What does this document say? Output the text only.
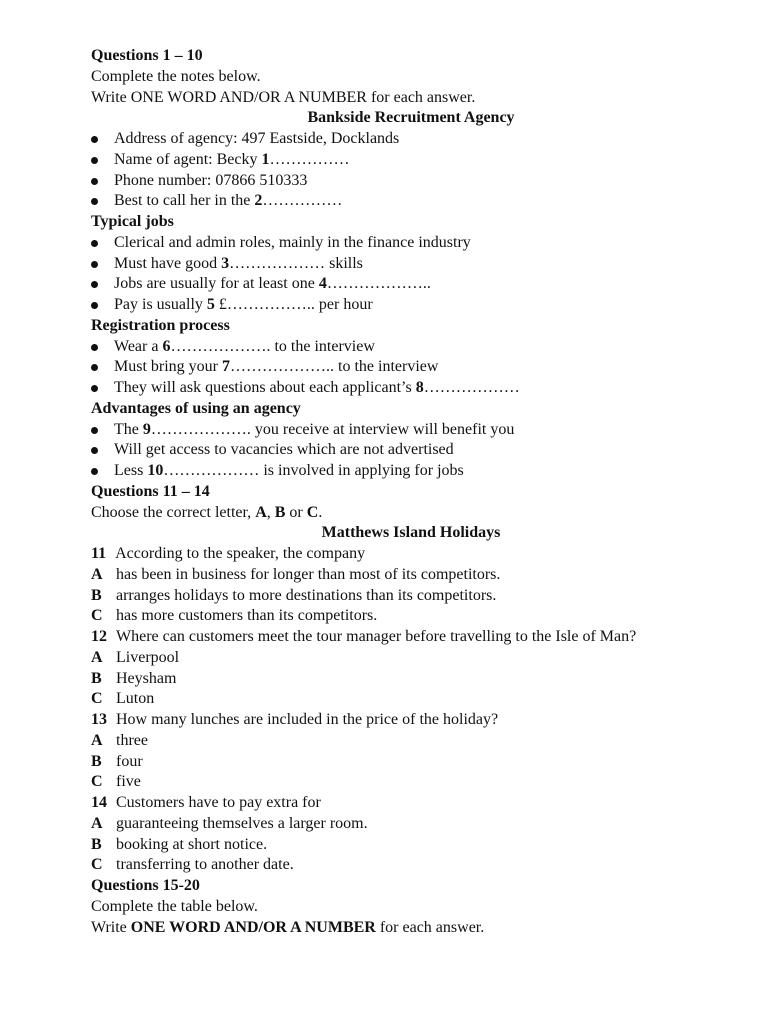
Questions 1 – 10
Complete the notes below.
Write ONE WORD AND/OR A NUMBER for each answer.
Bankside Recruitment Agency
Address of agency: 497 Eastside, Docklands
Name of agent: Becky 1……………
Phone number: 07866 510333
Best to call her in the 2……………
Typical jobs
Clerical and admin roles, mainly in the finance industry
Must have good 3……………… skills
Jobs are usually for at least one 4………………..
Pay is usually 5 £…………….. per hour
Registration process
Wear a 6………………. to the interview
Must bring your 7……………….. to the interview
They will ask questions about each applicant’s 8………………
Advantages of using an agency
The 9………………. you receive at interview will benefit you
Will get access to vacancies which are not advertised
Less 10……………… is involved in applying for jobs
Questions 11 – 14
Choose the correct letter, A, B or C.
Matthews Island Holidays
11 According to the speaker, the company
A has been in business for longer than most of its competitors.
B arranges holidays to more destinations than its competitors.
C has more customers than its competitors.
12 Where can customers meet the tour manager before travelling to the Isle of Man?
A Liverpool
B Heysham
C Luton
13 How many lunches are included in the price of the holiday?
A three
B four
C five
14 Customers have to pay extra for
A guaranteeing themselves a larger room.
B booking at short notice.
C transferring to another date.
Questions 15-20
Complete the table below.
Write ONE WORD AND/OR A NUMBER for each answer.
